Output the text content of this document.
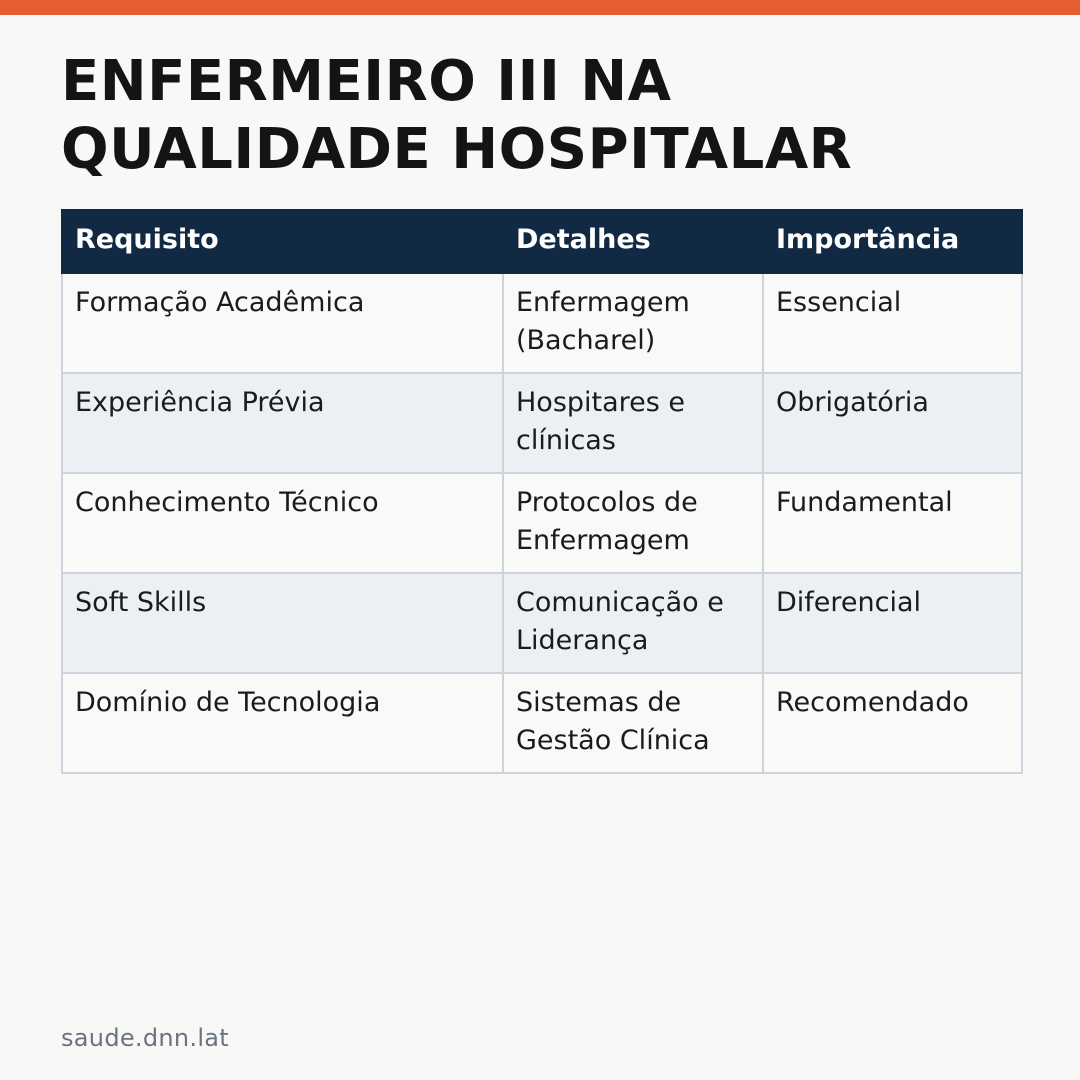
ENFERMEIRO III NA
QUALIDADE HOSPITALAR
Requisito	Detalhes	Importância
Formação Acadêmica	Enfermagem (Bacharel)	Essencial
Experiência Prévia	Hospitares e clínicas	Obrigatória
Conhecimento Técnico	Protocolos de Enfermagem	Fundamental
Soft Skills	Comunicação e Liderança	Diferencial
Domínio de Tecnologia	Sistemas de Gestão Clínica	Recomendado
saude.dnn.lat
